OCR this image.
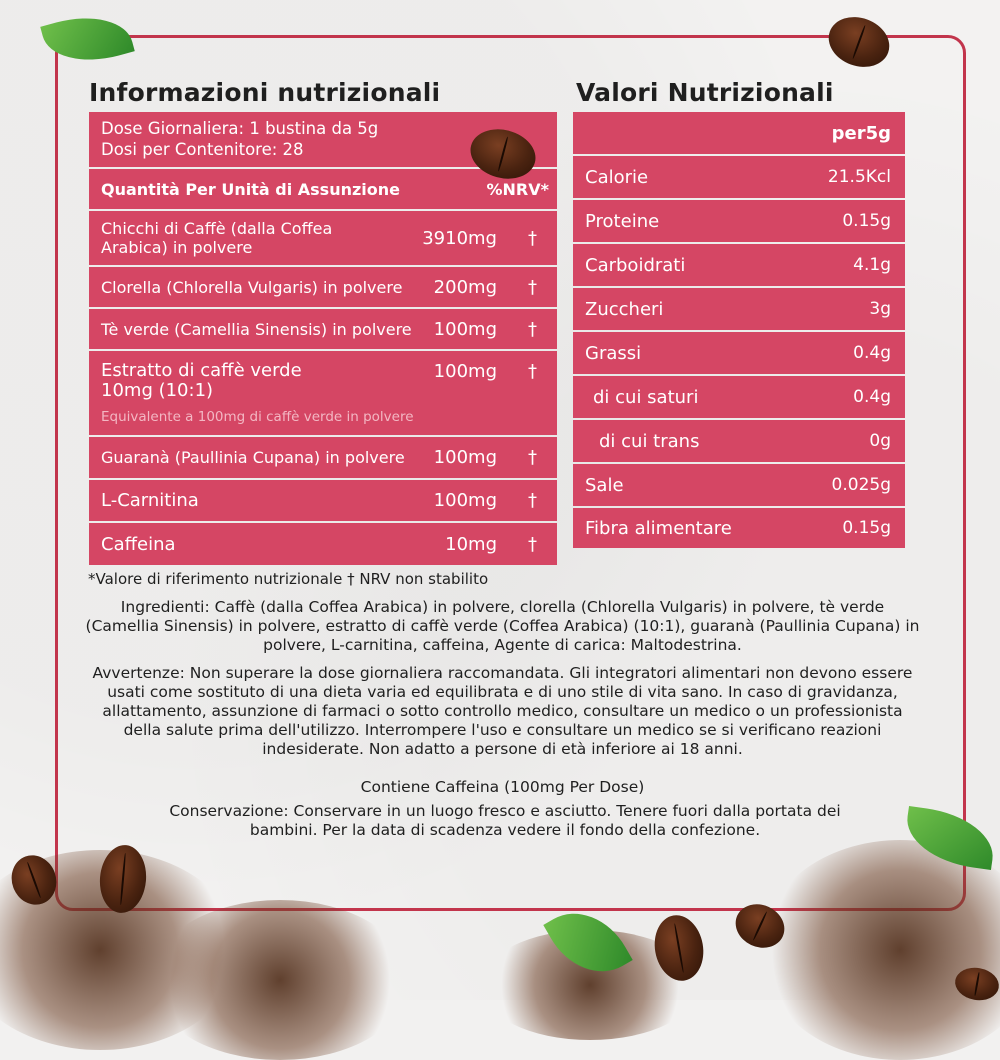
Informazioni nutrizionali
Dose Giornaliera: 1 bustina da 5g
Dosi per Contenitore: 28
Quantità Per Unità di Assunzione	%NRV*
Chicchi di Caffè (dalla Coffea
Arabica) in polvere	3910mg †
Clorella (Chlorella Vulgaris) in polvere 200mg †
Tè verde (Camellia Sinensis) in polvere 100mg †
Estratto di caffè verde
10mg (10:1)
Equivalente a 100mg di caffè verde in polvere
100mg †
Guaranà (Paullinia Cupana) in polvere 100mg †
L-Carnitina	100mg †
Caffeina	10mg †
*Valore di riferimento nutrizionale † NRV non stabilito
Valori Nutrizionali
per5g
Calorie	21.5Kcl
Proteine	0.15g
Carboidrati	4.1g
Zuccheri	3g
Grassi	0.4g
di cui saturi	0.4g
di cui trans	0g
Sale	0.025g
Fibra alimentare	0.15g

Ingredienti: Caffè (dalla Coffea Arabica) in polvere, clorella (Chlorella Vulgaris) in polvere, tè verde (Camellia Sinensis) in polvere, estratto di caffè verde (Coffea Arabica) (10:1), guaranà (Paullinia Cupana) in polvere, L-carnitina, caffeina, Agente di carica: Maltodestrina.

Avvertenze: Non superare la dose giornaliera raccomandata. Gli integratori alimentari non devono essere usati come sostituto di una dieta varia ed equilibrata e di uno stile di vita sano. In caso di gravidanza, allattamento, assunzione di farmaci o sotto controllo medico, consultare un medico o un professionista della salute prima dell'utilizzo. Interrompere l'uso e consultare un medico se si verificano reazioni indesiderate. Non adatto a persone di età inferiore ai 18 anni.

Contiene Caffeina (100mg Per Dose)

Conservazione: Conservare in un luogo fresco e asciutto. Tenere fuori dalla portata dei bambini. Per la data di scadenza vedere il fondo della confezione.
